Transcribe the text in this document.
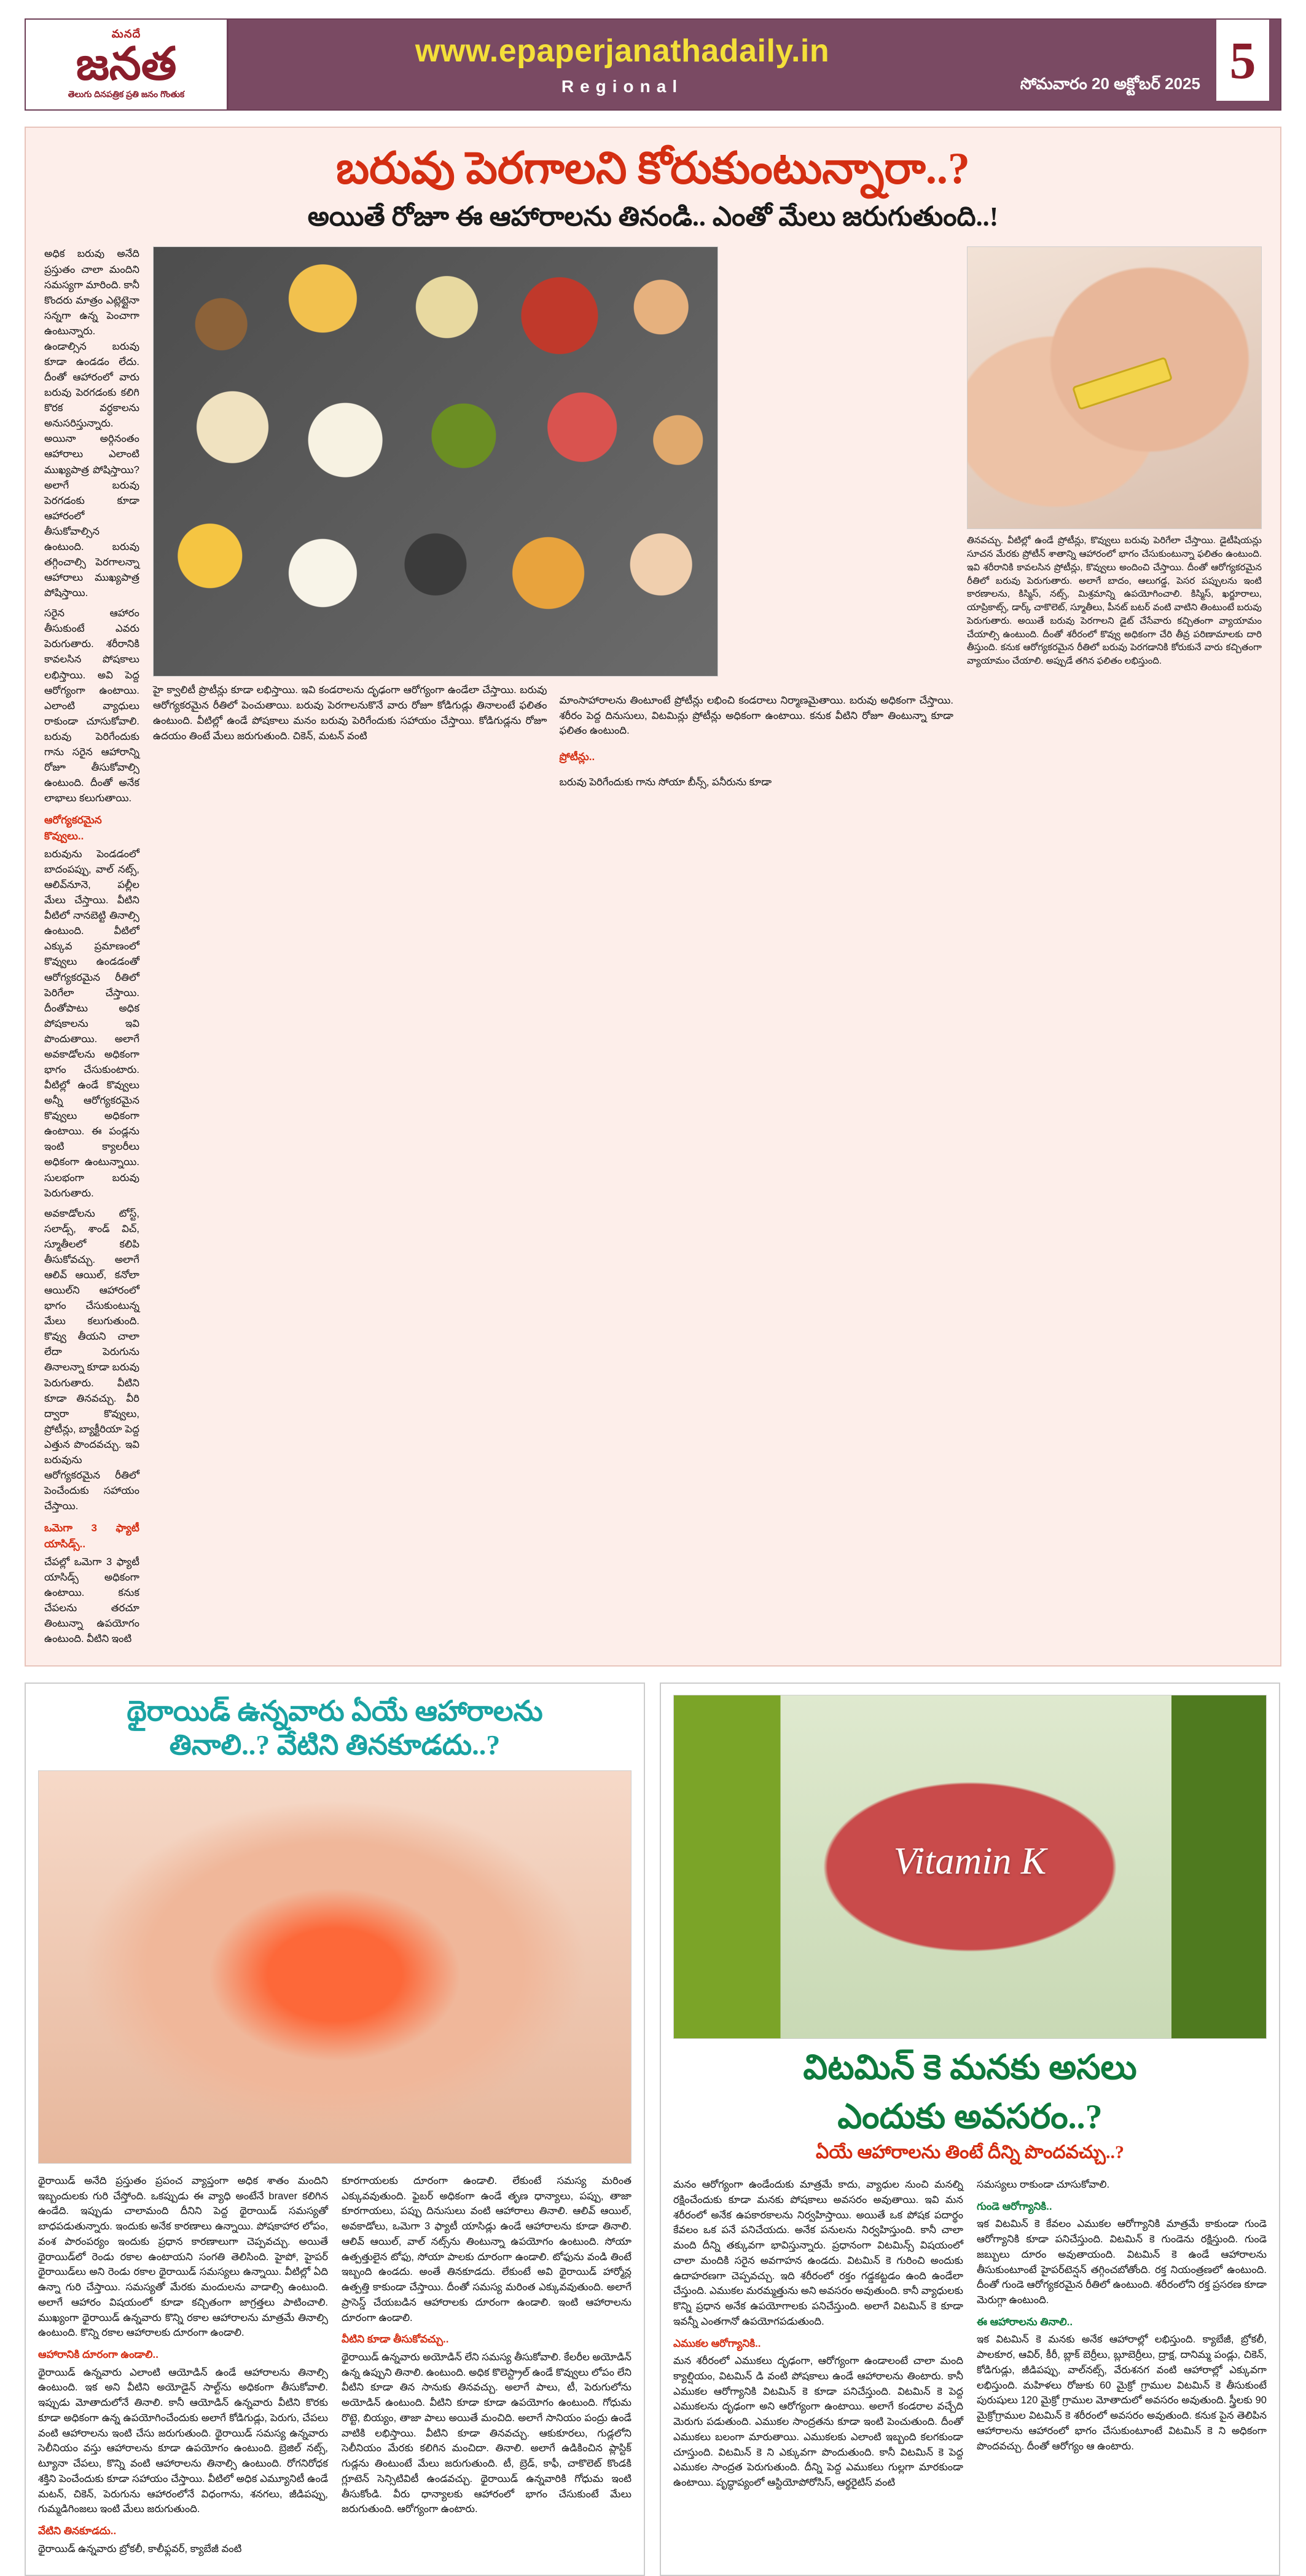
మనదే
జనత
తెలుగు దినపత్రిక ప్రతి జనం గొంతుక
www.epaperjanathadaily.in
Regional	సోమవారం 20 అక్టోబర్ 2025 5
బరువు పెరగాలని కోరుకుంటున్నారా..?
అయితే రోజూ ఈ ఆహారాలను తినండి.. ఎంతో మేలు జరుగుతుంది..!

అధిక బరువు అనేది ప్రస్తుతం చాలా మందిని సమస్యగా మారింది. కానీ కొందరు మాత్రం ఎట్లెట్లైనా సన్నగా ఉన్న పెంచాగా ఉంటున్నారు. ఉండాల్సిన బరువు కూడా ఉండడం లేదు. దీంతో ఆహారంలో వారు బరువు పెరగడంకు కలిగి కొరక వర్ధకాలను అనుసరిస్తున్నారు. అయినా అర్గినంతం ఆహారాలు ఎలాంటి ముఖ్యపాత్ర పోషిస్తాయి? అలాగే బరువు పెరగడంకు కూడా ఆహారంలో తీసుకోవాల్సిన ఉంటుంది. బరువు తగ్గించాల్సి పెరగాలన్నా ఆహారాలు ముఖ్యపాత్ర పోషిస్తాయి.

సరైన ఆహారం తీసుకుంటే ఎవరు పెరుగుతారు. శరీరానికి కావలసిన పోషకాలు లభిస్తాయి. అవి పెద్ద ఆరోగ్యంగా ఉంటాయి. ఎలాంటి వ్యాధులు రాకుండా చూసుకోవాలి. బరువు పెరిగేందుకు గాను సరైన ఆహారాన్ని రోజూ తీసుకోవాల్సి ఉంటుంది. దీంతో అనేక లాభాలు కలుగుతాయి.

ఆరోగ్యకరమైన కొవ్వులు..

బరువును పెండడంలో బాదంపప్పు, వాల్ నట్స్, ఆలివ్‌నూనె, పల్లీల మేలు చేస్తాయి. వీటిని వీటిలో నానబెట్టి తినాల్సి ఉంటుంది. వీటిలో ఎక్కువ ప్రమాణంలో కొవ్వులు ఉండడంతో ఆరోగ్యకరమైన రీతిలో పెరిగేలా చేస్తాయి. దీంతోపాటు అధిక పోషకాలను ఇవి పొందుతాయి. అలాగే అవకాడోలను అధికంగా భాగం చేసుకుంటారు. వీటిల్లో ఉండే కొవ్వులు అన్నీ ఆరోగ్యకరమైన కొవ్వులు అధికంగా ఉంటాయి. ఈ పండ్లను ఇంటి క్యాలరీలు అధికంగా ఉంటున్నాయి. సులభంగా బరువు పెరుగుతారు.

అవకాడోలను టోస్ట్, సలాడ్స్, శాండ్ విచ్, స్మూతీలలో కలిపి తీసుకోవచ్చు. అలాగే ఆలివ్ ఆయిల్, కనోలా ఆయిల్‌ని ఆహారంలో భాగం చేసుకుంటున్న మేలు కలుగుతుంది. కొవ్వు తీయని చాలా లేదా పెరుగును తినాలన్నా కూడా బరువు పెరుగుతారు. వీటిని కూడా తినవచ్చు. వీరి ద్వారా కొవ్వులు, ప్రోటీన్లు, బ్యాక్టీరియా పెద్ద ఎత్తున పొందవచ్చు. ఇవి బరువును ఆరోగ్యకరమైన రీతిలో పెంచేందుకు సహాయం చేస్తాయి.

ఒమెగా 3 ఫ్యాటీ యాసిడ్స్..

చేపల్లో ఒమెగా 3 ఫ్యాటీ యాసిడ్స్ అధికంగా ఉంటాయి. కనుక చేపలను తరచూ తింటున్నా ఉపయోగం ఉంటుంది. వీటిని ఇంటి

హై క్వాలిటీ ప్రొటీన్లు కూడా లభిస్తాయి. ఇవి కండరాలను దృఢంగా ఆరోగ్యంగా ఉండేలా చేస్తాయి. బరువు ఆరోగ్యకరమైన రీతిలో పెంచుతాయి. బరువు పెరగాలనుకొనే వారు రోజూ కోడిగుడ్లు తినాలంటే ఫలితం ఉంటుంది. వీటిల్లో ఉండే పోషకాలు మనం బరువు పెరిగేందుకు సహాయం చేస్తాయి. కోడిగుడ్లను రోజూ ఉదయం తింటే మేలు జరుగుతుంది. చికెన్, మటన్ వంటి

మాంసాహారాలను తింటూంటే ప్రోటీన్లు లభించి కండరాలు నిర్మాణమైతాయి. బరువు అధికంగా చేస్తాయి. శరీరం పెద్ద దినుసులు, విటమిన్లు ప్రోటీన్లు అధికంగా ఉంటాయి. కనుక వీటిని రోజూ తింటున్నా కూడా ఫలితం ఉంటుంది.

ప్రోటీన్లు..

బరువు పెరిగేందుకు గాను సోయా బీన్స్, పనీరును కూడా

తినవచ్చు. వీటిల్లో ఉండే ప్రోటీన్లు, కొవ్వులు బరువు పెరిగేలా చేస్తాయి. డైటీషియన్లు సూచన మేరకు ప్రోటీన్ శాతాన్ని ఆహారంలో భాగం చేసుకుంటున్నా ఫలితం ఉంటుంది. ఇవి శరీరానికి కావలసిన ప్రోటీన్లు, కొవ్వులు అందించి చేస్తాయి. దీంతో ఆరోగ్యకరమైన రీతిలో బరువు పెరుగుతారు. అలాగే బాదం, ఆలుగడ్డ, పెసర పప్పులను ఇంటి కారణాలను, కిస్మిస్, నట్స్, మిశ్రమాన్ని ఉపయోగించాలి. కిస్మిస్, ఖర్జూరాలు, యాప్రికాట్స్, డార్క్ చాకొలెట్, స్మూతీలు, పీనట్ బటర్ వంటి వాటిని తింటుంటే బరువు పెరుగుతారు. అయితే బరువు పెరగాలని డైట్ చేసేవారు కచ్చితంగా వ్యాయామం చేయాల్సి ఉంటుంది. దీంతో శరీరంలో కొవ్వు అధికంగా చేరి తీవ్ర పరిణామాలకు దారి తీస్తుంది. కనుక ఆరోగ్యకరమైన రీతిలో బరువు పెరగడానికి కోరుకునే వారు కచ్చితంగా వ్యాయామం చేయాలి. అప్పుడే తగిన ఫలితం లభిస్తుంది.
థైరాయిడ్ ఉన్నవారు ఏయే ఆహారాలను
తినాలి..? వేటిని తినకూడదు..?

థైరాయిడ్ అనేది ప్రస్తుతం ప్రపంచ వ్యాప్తంగా అధిక శాతం మందిని ఇబ్బందులకు గురి చేస్తోంది. ఒకప్పుడు ఈ వ్యాధి అంటేనే braver కలిగిన ఉండేది. ఇప్పుడు చాలామంది దీనిని పెద్ద థైరాయిడ్ సమస్యతో బాధపడుతున్నారు. ఇందుకు అనేక కారణాలు ఉన్నాయి. పోషకాహార లోపం, వంశ పారంపర్యం ఇందుకు ప్రధాన కారణాలుగా చెప్పవచ్చు. అయితే థైరాయిడ్‌లో రెండు రకాల ఉంటాయని సంగతి తెలిసింది. హైపో, హైపర్ థైరాయిడ్‌లు అని రెండు రకాల థైరాయిడ్ సమస్యలు ఉన్నాయి. వీటిల్లో ఏది ఉన్నా గురి చేస్తాయి. సమస్యతో మేరకు మందులను వాడాల్సి ఉంటుంది. అలాగే ఆహారం విషయంలో కూడా కచ్చితంగా జాగ్రత్తలు పాటించాలి. ముఖ్యంగా థైరాయిడ్ ఉన్నవారు కొన్ని రకాల ఆహారాలను మాత్రమే తినాల్సి ఉంటుంది. కొన్ని రకాల ఆహారాలకు దూరంగా ఉండాలి.

ఆహారానికి దూరంగా ఉండాలి..

థైరాయిడ్ ఉన్నవారు ఎలాంటి ఆయోడిన్ ఉండే ఆహారాలను తినాల్సి ఉంటుంది. ఇక అని వీటిని అయోడైన్ సాల్ట్‌ను అధికంగా తీసుకోవాలి. ఇప్పుడు మోతాదులోనే తినాలి. కానీ ఆయోడిన్ ఉన్నవారు వీటిని కొరకు కూడా అధికంగా ఉన్న ఉపయోగించేందుకు అలాగే కోడిగుడ్లు, పెరుగు, చేపలు వంటి ఆహారాలను ఇంటి చేసు జరుగుతుంది. థైరాయిడ్ సమస్య ఉన్నవారు సెలీనియం వస్తు ఆహారాలను కూడా ఉపయోగం ఉంటుంది. బ్రెజిల్ నట్స్, ట్యూనా చేపలు, కొన్ని వంటి ఆహారాలను తినాల్సి ఉంటుంది. రోగనిరోధక శక్తిని పెంచేందుకు కూడా సహాయం చేస్తాయి. వీటిలో అధిక ఎమ్యూనిటీ ఉండే మటన్, చికెన్, పెరుగును ఆహారంలోనే విధంగాను, శనగలు, జీడిపప్పు, గుమ్మడిగింజలు ఇంటి మేలు జరుగుతుంది.

వేటిని తినకూడదు..

థైరాయిడ్ ఉన్నవారు బ్రోకలీ, కాలీఫ్లవర్, క్యాబేజీ వంటి

కూరగాయలకు దూరంగా ఉండాలి. లేకుంటే సమస్య మరింత ఎక్కువవుతుంది. ఫైబర్ అధికంగా ఉండే తృణ ధాన్యాలు, పప్పు, తాజా కూరగాయలు, పప్పు దినుసులు వంటి ఆహారాలు తినాలి. ఆలివ్ ఆయిల్, అవకాడోలు, ఒమెగా 3 ఫ్యాటీ యాసిడ్లు ఉండే ఆహారాలను కూడా తినాలి. ఆలివ్ ఆయిల్, వాల్ నట్స్‌ను తింటున్నా ఉపయోగం ఉంటుంది. సోయా ఉత్పత్తులైన టోఫు, సోయా పాలకు దూరంగా ఉండాలి. టోఫును వండి తింటే ఇబ్బంది ఉండదు. అంతే తినకూడదు. లేకుంటే అవి థైరాయిడ్ హార్మోన్ల ఉత్పత్తి కాకుండా చేస్తాయి. దీంతో సమస్య మరింత ఎక్కువవుతుంది. అలాగే ప్రాసెస్డ్ చేయబడిన ఆహారాలకు దూరంగా ఉండాలి. ఇంటి ఆహారాలను దూరంగా ఉండాలి.

వీటిని కూడా తీసుకోవచ్చు..

థైరాయిడ్ ఉన్నవారు అయోడిన్ లేని సమస్య తీసుకోవాలి. కేలరీల అయోడిన్ ఉన్న ఉప్పుని తినాలి. ఉంటుంది. అధిక కొలెస్ట్రాల్ ఉండే కొవ్వులు లోపం లేని వీటిని కూడా తిన సానుకు తినవచ్చు. అలాగే పాలు, టీ, పెరుగులోను అయోడిన్ ఉంటుంది. వీటిని కూడా కూడా ఉపయోగం ఉంటుంది. గోధుమ రొట్టె, బియ్యం, తాజా పాలు అయితే మంచిది. అలాగే సానియం పంద్రు ఉండే వాటికి లభిస్తాయి. వీటిని కూడా తినవచ్చు. ఆకుకూరలు, గుడ్లలోని సెలీనియం మేరకు కలిగిన మంచిదా. తినాలి. అలాగే ఉడికించిన ప్లాస్టిక్ గుడ్లను తింటుంటే మేలు జరుగుతుంది. టీ, బ్రెడ్, కాఫీ, చాకొలెట్ కొండకి గ్లూటెన్ సెన్సిటివిటీ ఉండవచ్చు. థైరాయిడ్ ఉన్నవారికి గోధుమ ఇంటి తీసుకోండి. వీరు ధాన్యాలకు ఆహారంలో భాగం చేసుకుంటే మేలు జరుగుతుంది. ఆరోగ్యంగా ఉంటారు.

Vitamin K
విటమిన్ కె మనకు అసలు
ఎందుకు అవసరం..?
ఏయే ఆహారాలను తింటే దీన్ని పొందవచ్చు..?

మనం ఆరోగ్యంగా ఉండేందుకు మాత్రమే కాదు, వ్యాధుల నుంచి మనల్ని రక్షించేందుకు కూడా మనకు పోషకాలు అవసరం అవుతాయి. ఇవి మన శరీరంలో అనేక ఉపకారకాలను నిర్వహిస్తాయి. అయితే ఒక పోషక పదార్థం కేవలం ఒక పనే పనిచేయదు. అనేక పనులను నిర్వహిస్తుంది. కానీ చాలా మంది దీన్ని తక్కువగా భావిస్తున్నారు. ప్రధానంగా విటమిన్స్ విషయంలో చాలా మందికి సరైన అవగాహన ఉండదు. విటమిన్ కె గురించి అందుకు ఉదాహరణగా చెప్పవచ్చు. ఇది శరీరంలో రక్తం గడ్డకట్టడం ఉంది ఉండేలా చేస్తుంది. ఎముకల మరమ్మత్తును అని అవసరం అవుతుంది. కానీ వ్యాధులకు కొన్ని ప్రధాన అనేక ఉపయోగాలకు పనిచేస్తుంది. అలాగే విటమిన్ కె కూడా ఇవన్నీ ఎంతగానో ఉపయోగపడుతుంది.

ఎముకల ఆరోగ్యానికి..

మన శరీరంలో ఎముకలు దృఢంగా, ఆరోగ్యంగా ఉండాలంటే చాలా మంది క్యాల్షియం, విటమిన్ డి వంటి పోషకాలు ఉండే ఆహారాలను తింటారు. కానీ ఎముకల ఆరోగ్యానికి విటమిన్ కె కూడా పనిచేస్తుంది. విటమిన్ కె పెద్ద ఎముకలను దృఢంగా అని ఆరోగ్యంగా ఉంటాయి. అలాగే కండరాల వచ్చేది మెరుగు పడుతుంది. ఎముకల సాంద్రతను కూడా ఇంటి పెంచుతుంది. దీంతో ఎముకలు బలంగా మారుతాయి. ఎముకలకు ఎలాంటి ఇబ్బంది కలగకుండా చూస్తుంది. విటమిన్ కె ని ఎక్కువగా పొందుతుంది. కానీ విటమిన్ కె పెద్ద ఎముకల సాంద్రత పెరుగుతుంది. దీన్ని పెద్ద ఎముకలు గుల్లగా మారకుండా ఉంటాయి. పృద్ధాప్యంలో ఆస్టియోపోరోసిస్, ఆర్థరైటిస్ వంటి

సమస్యలు రాకుండా చూసుకోవాలి.

గుండె ఆరోగ్యానికి..

ఇక విటమిన్ కె కేవలం ఎముకల ఆరోగ్యానికి మాత్రమే కాకుండా గుండె ఆరోగ్యానికి కూడా పనిచేస్తుంది. విటమిన్ కె గుండెను రక్షిస్తుంది. గుండె జబ్బులు దూరం అవుతాయంది. విటమిన్ కె ఉండే ఆహారాలను తీసుకుంటూంటే హైపర్‌టెన్షన్ తగ్గించబోతోంది. రక్త నియంత్రణలో ఉంటుంది. దీంతో గుండె ఆరోగ్యకరమైన రీతిలో ఉంటుంది. శరీరంలోని రక్త ప్రసరణ కూడా మెరుగ్గా ఉంటుంది.

ఈ ఆహారాలను తినాలి..

ఇక విటమిన్ కె మనకు అనేక ఆహారాల్లో లభిస్తుంది. క్యాబేజీ, బ్రోకలీ, పాలకూర, ఆవిర్, కీరీ, బ్లాక్ బెర్రీలు, బ్లూబెర్రీలు, ద్రాక్ష, దానిమ్మ పండ్లు, చికెన్, కోడిగుడ్లు, జీడిపప్పు, వాల్‌నట్స్, వేరుశనగ వంటి ఆహారాల్లో ఎక్కువగా లభిస్తుంది. మహిళలు రోజుకు 60 మైక్రో గ్రాముల విటమిన్ కె తీసుకుంటే పురుషులు 120 మైక్రో గ్రాముల మోతాదులో అవసరం అవుతుంది. స్త్రీలకు 90 మైక్రోగ్రాముల విటమిన్ కె శరీరంలో అవసరం అవుతుంది. కనుక పైన తెలిపిన ఆహారాలను ఆహారంలో భాగం చేసుకుంటూంటే విటమిన్ కె ని అధికంగా పొందవచ్చు. దీంతో ఆరోగ్యం ఆ ఉంటారు.
